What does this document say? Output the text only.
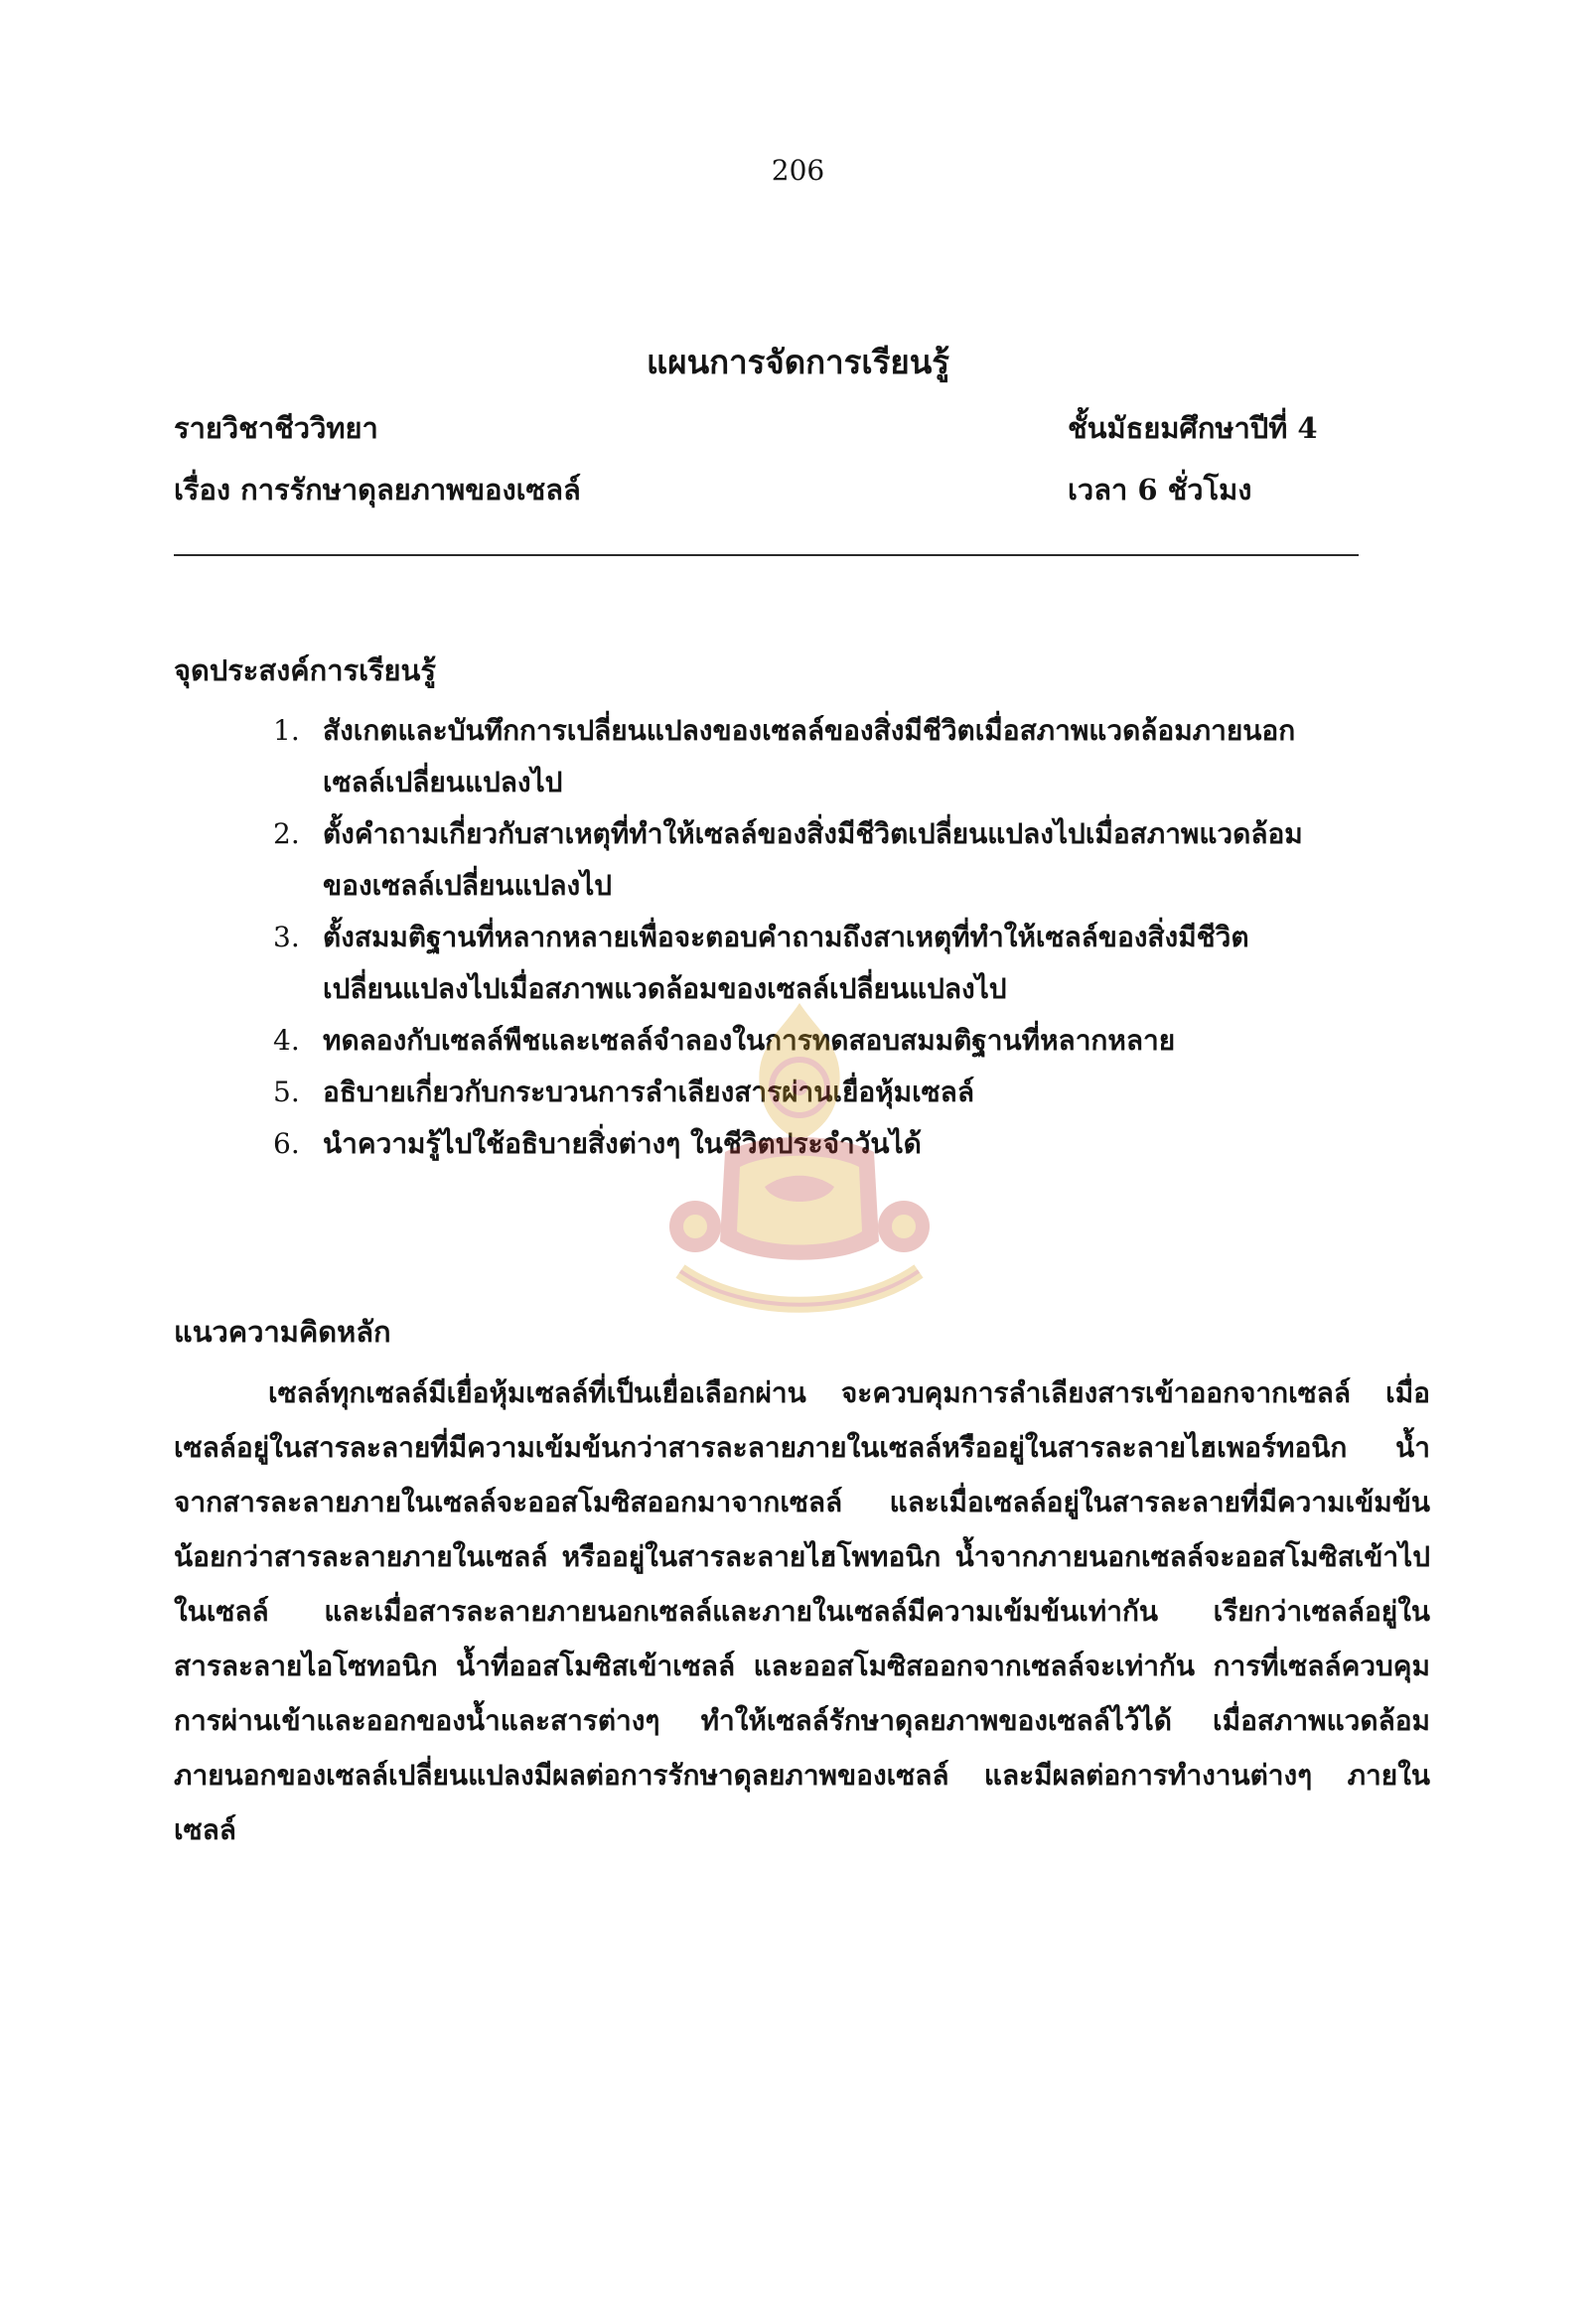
206
แผนการจัดการเรียนรู้
รายวิชาชีววิทยา	ชั้นมัธยมศึกษาปีที่ 4
เรื่อง การรักษาดุลยภาพของเซลล์	เวลา 6 ชั่วโมง
จุดประสงค์การเรียนรู้
1. สังเกตและบันทึกการเปลี่ยนแปลงของเซลล์ของสิ่งมีชีวิตเมื่อสภาพแวดล้อมภายนอกเซลล์เปลี่ยนแปลงไป
2. ตั้งคำถามเกี่ยวกับสาเหตุที่ทำให้เซลล์ของสิ่งมีชีวิตเปลี่ยนแปลงไปเมื่อสภาพแวดล้อมของเซลล์เปลี่ยนแปลงไป
3. ตั้งสมมติฐานที่หลากหลายเพื่อจะตอบคำถามถึงสาเหตุที่ทำให้เซลล์ของสิ่งมีชีวิตเปลี่ยนแปลงไปเมื่อสภาพแวดล้อมของเซลล์เปลี่ยนแปลงไป
4. ทดลองกับเซลล์พืชและเซลล์จำลองในการทดสอบสมมติฐานที่หลากหลาย
5. อธิบายเกี่ยวกับกระบวนการลำเลียงสารผ่านเยื่อหุ้มเซลล์
6. นำความรู้ไปใช้อธิบายสิ่งต่างๆ ในชีวิตประจำวันได้
แนวความคิดหลัก

เซลล์ทุกเซลล์มีเยื่อหุ้มเซลล์ที่เป็นเยื่อเลือกผ่าน จะควบคุมการลำเลียงสารเข้าออกจากเซลล์ เมื่อเซลล์อยู่ในสารละลายที่มีความเข้มข้นกว่าสารละลายภายในเซลล์หรืออยู่ในสารละลายไฮเพอร์ทอนิก น้ำจากสารละลายภายในเซลล์จะออสโมซิสออกมาจากเซลล์ และเมื่อเซลล์อยู่ในสารละลายที่มีความเข้มข้นน้อยกว่าสารละลายภายในเซลล์ หรืออยู่ในสารละลายไฮโพทอนิก น้ำจากภายนอกเซลล์จะออสโมซิสเข้าไปในเซลล์ และเมื่อสารละลายภายนอกเซลล์และภายในเซลล์มีความเข้มข้นเท่ากัน เรียกว่าเซลล์อยู่ในสารละลายไอโซทอนิก น้ำที่ออสโมซิสเข้าเซลล์ และออสโมซิสออกจากเซลล์จะเท่ากัน การที่เซลล์ควบคุมการผ่านเข้าและออกของน้ำและสารต่างๆ ทำให้เซลล์รักษาดุลยภาพของเซลล์ไว้ได้ เมื่อสภาพแวดล้อมภายนอกของเซลล์เปลี่ยนแปลงมีผลต่อการรักษาดุลยภาพของเซลล์ และมีผลต่อการทำงานต่างๆ ภายในเซลล์
